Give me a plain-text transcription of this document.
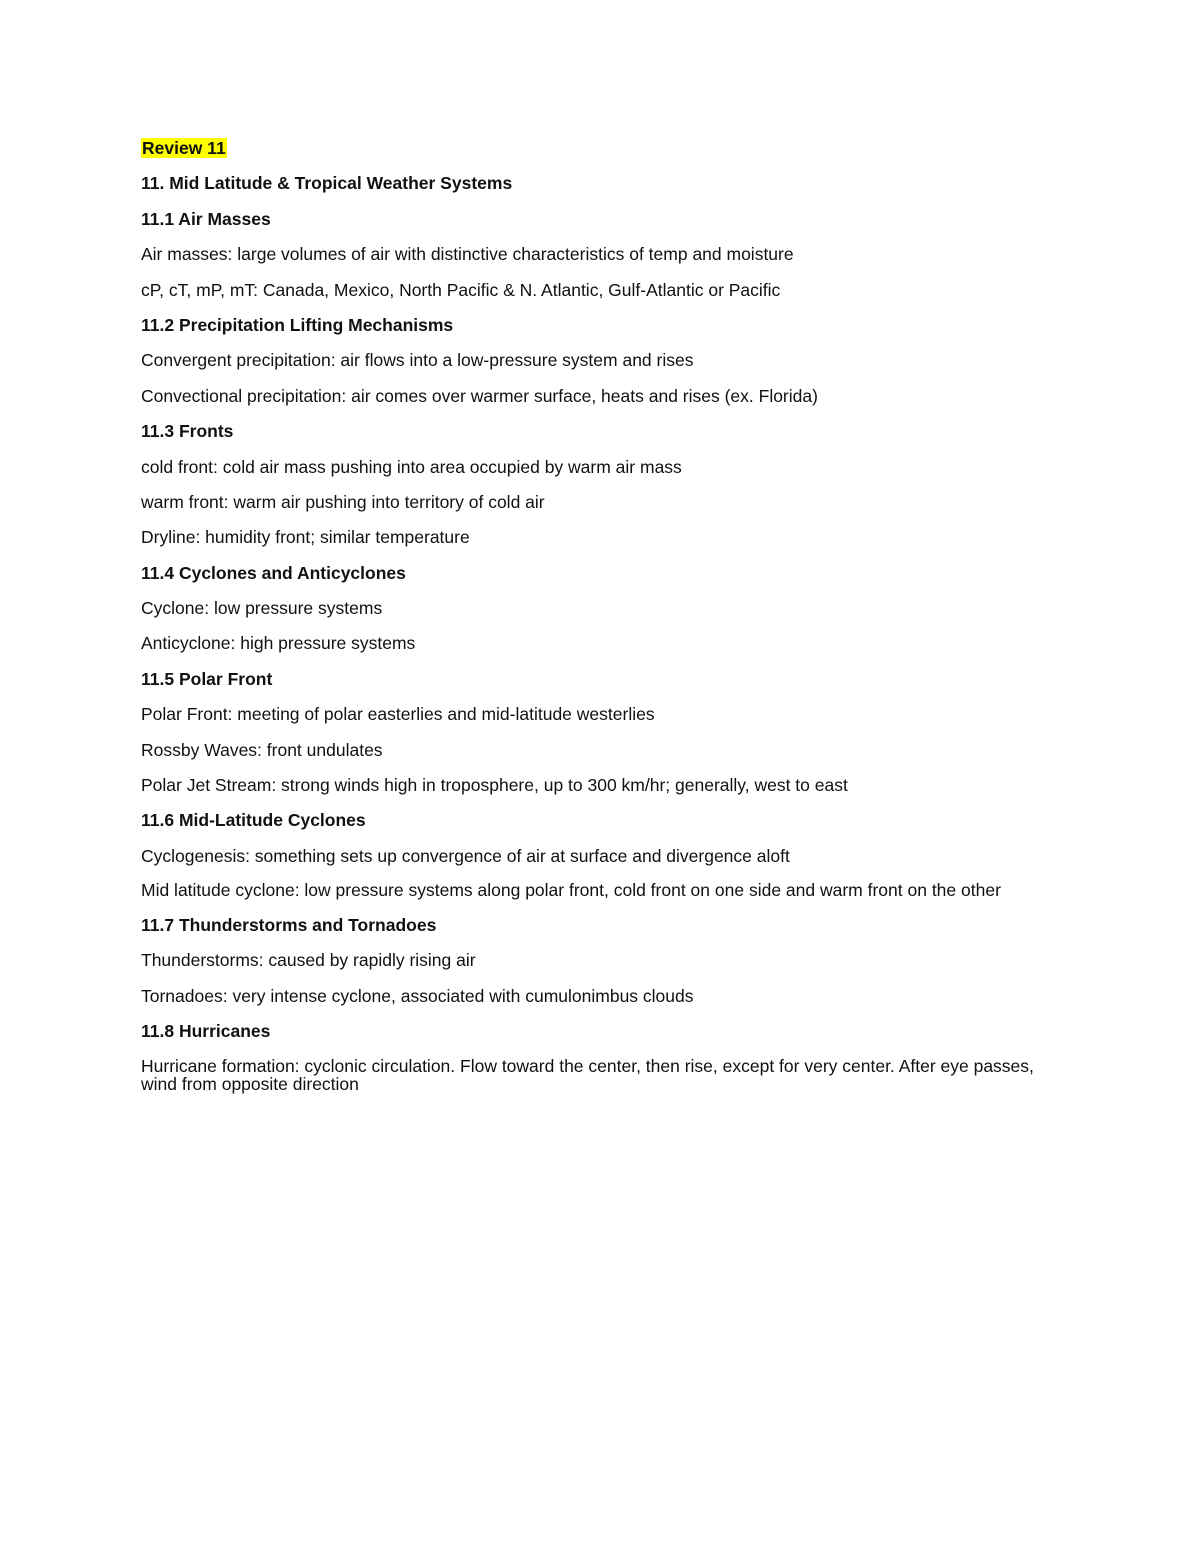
Review 11
11. Mid Latitude & Tropical Weather Systems
11.1 Air Masses
Air masses: large volumes of air with distinctive characteristics of temp and moisture
cP, cT, mP, mT: Canada, Mexico, North Pacific & N. Atlantic, Gulf-Atlantic or Pacific
11.2 Precipitation Lifting Mechanisms
Convergent precipitation: air flows into a low-pressure system and rises
Convectional precipitation: air comes over warmer surface, heats and rises (ex. Florida)
11.3 Fronts
cold front: cold air mass pushing into area occupied by warm air mass
warm front: warm air pushing into territory of cold air
Dryline: humidity front; similar temperature
11.4 Cyclones and Anticyclones
Cyclone: low pressure systems
Anticyclone: high pressure systems
11.5 Polar Front
Polar Front: meeting of polar easterlies and mid-latitude westerlies
Rossby Waves: front undulates
Polar Jet Stream: strong winds high in troposphere, up to 300 km/hr; generally, west to east
11.6 Mid-Latitude Cyclones
Cyclogenesis: something sets up convergence of air at surface and divergence aloft
Mid latitude cyclone: low pressure systems along polar front, cold front on one side and warm front on the other
11.7 Thunderstorms and Tornadoes
Thunderstorms: caused by rapidly rising air
Tornadoes: very intense cyclone, associated with cumulonimbus clouds
11.8 Hurricanes
Hurricane formation: cyclonic circulation. Flow toward the center, then rise, except for very center. After eye passes, wind from opposite direction
